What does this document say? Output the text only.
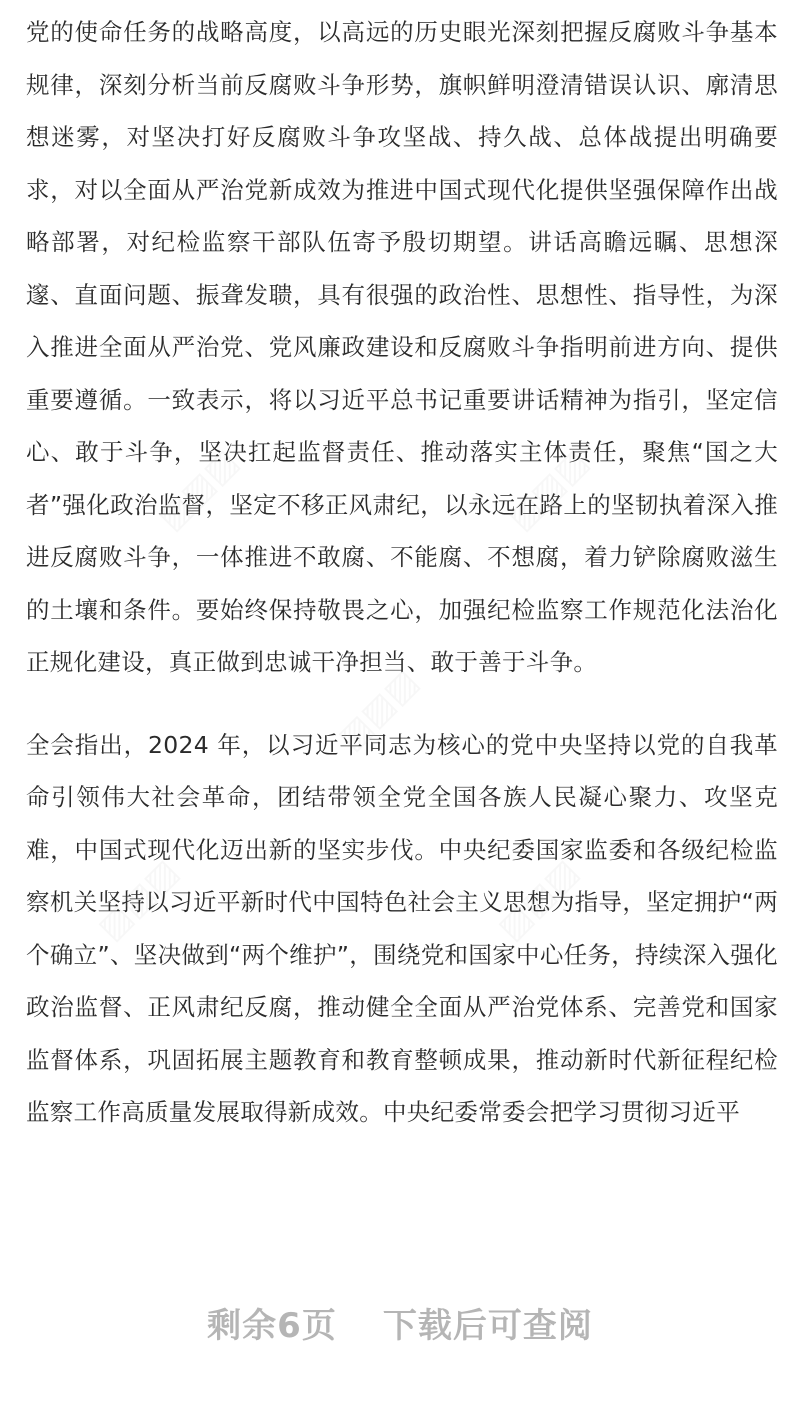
党的使命任务的战略高度，以高远的历史眼光深刻把握反腐败斗争基本规律，深刻分析当前反腐败斗争形势，旗帜鲜明澄清错误认识、廓清思想迷雾，对坚决打好反腐败斗争攻坚战、持久战、总体战提出明确要求，对以全面从严治党新成效为推进中国式现代化提供坚强保障作出战略部署，对纪检监察干部队伍寄予殷切期望。讲话高瞻远瞩、思想深邃、直面问题、振聋发聩，具有很强的政治性、思想性、指导性，为深入推进全面从严治党、党风廉政建设和反腐败斗争指明前进方向、提供重要遵循。一致表示，将以习近平总书记重要讲话精神为指引，坚定信心、敢于斗争，坚决扛起监督责任、推动落实主体责任，聚焦“国之大者”强化政治监督，坚定不移正风肃纪，以永远在路上的坚韧执着深入推进反腐败斗争，一体推进不敢腐、不能腐、不想腐，着力铲除腐败滋生的土壤和条件。要始终保持敬畏之心，加强纪检监察工作规范化法治化正规化建设，真正做到忠诚干净担当、敢于善于斗争。

全会指出，2024 年，以习近平同志为核心的党中央坚持以党的自我革命引领伟大社会革命，团结带领全党全国各族人民凝心聚力、攻坚克难，中国式现代化迈出新的坚实步伐。中央纪委国家监委和各级纪检监察机关坚持以习近平新时代中国特色社会主义思想为指导，坚定拥护“两个确立”、坚决做到“两个维护”，围绕党和国家中心任务，持续深入强化政治监督、正风肃纪反腐，推动健全全面从严治党体系、完善党和国家监督体系，巩固拓展主题教育和教育整顿成果，推动新时代新征程纪检监察工作高质量发展取得新成效。中央纪委常委会把学习贯彻习近平

▨▨▨	▨▨▨
▨▨▨
▨▨▨	▨▨▨
剩余6页 下载后可查阅
